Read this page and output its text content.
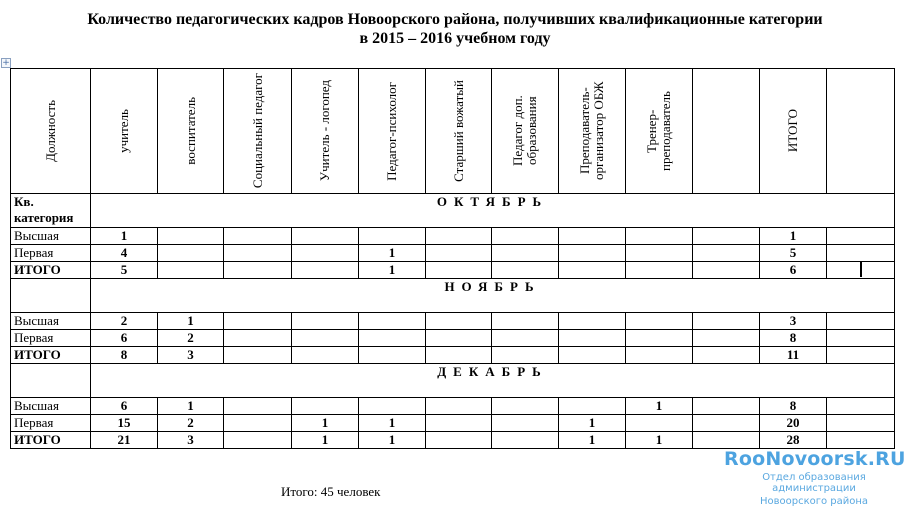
Количество педагогических кадров Новоорского района, получивших квалификационные категории
в 2015 – 2016 учебном году
+
Должность	учитель	воспитатель	Социальный педагог	Учитель - логопед	Педагог-психолог	Старший вожатый	Педагог доп. образования	Преподаватель-организатор ОБЖ	Тренер-преподаватель		ИТОГО	

Кв. категория	ОКТЯБРЬ											
Высшая	1										1	
Первая	4				1						5	
ИТОГО	5				1						6	
	НОЯБРЬ											
Высшая	2	1									3	
Первая	6	2									8	
ИТОГО	8	3									11	
	ДЕКАБРЬ											
Высшая	6	1							1		8	
Первая	15	2		1	1			1			20	
ИТОГО	21	3		1	1			1	1		28	
Итого: 45 человек
RooNovoorsk.RU
Отдел образования администрации
Новоорского района
